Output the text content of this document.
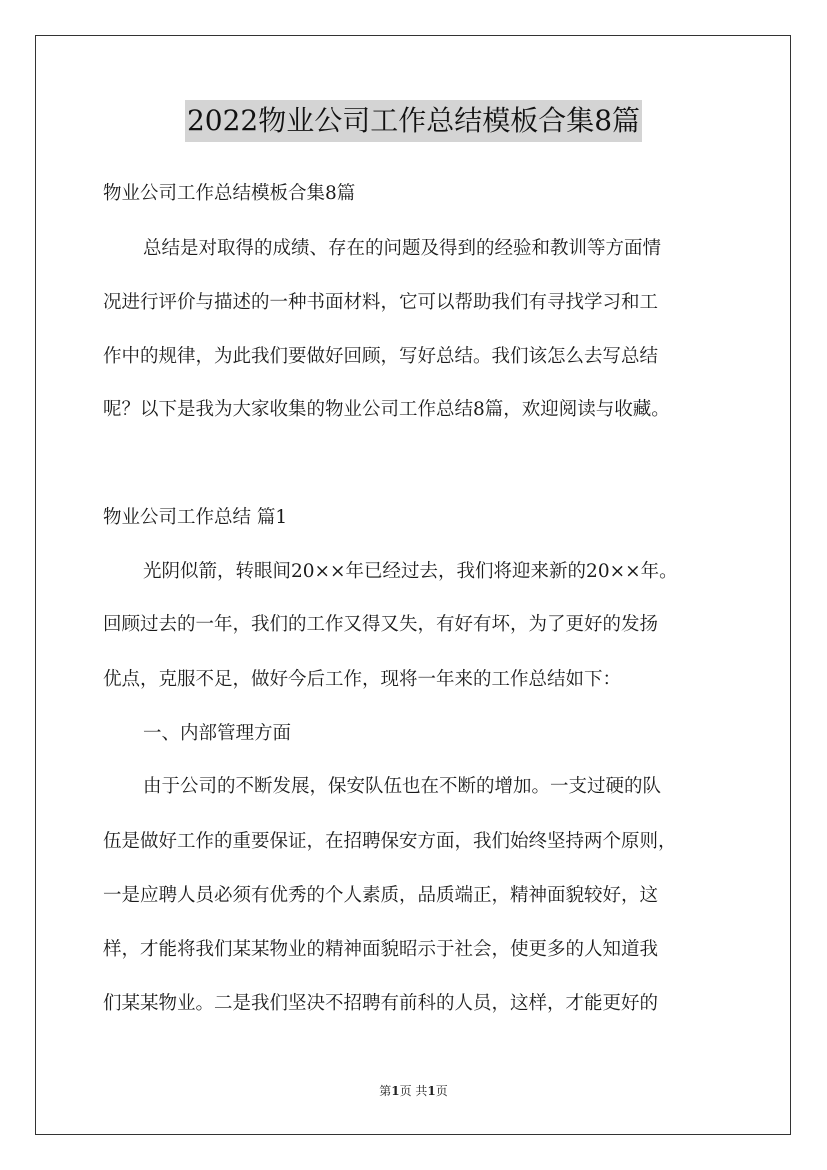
2022物业公司工作总结模板合集8篇
物业公司工作总结模板合集8篇
总结是对取得的成绩、存在的问题及得到的经验和教训等方面情
况进行评价与描述的一种书面材料，它可以帮助我们有寻找学习和工
作中的规律，为此我们要做好回顾，写好总结。我们该怎么去写总结
呢？以下是我为大家收集的物业公司工作总结8篇，欢迎阅读与收藏。
物业公司工作总结 篇1
光阴似箭，转眼间20××年已经过去，我们将迎来新的20××年。
回顾过去的一年，我们的工作又得又失，有好有坏，为了更好的发扬
优点，克服不足，做好今后工作，现将一年来的工作总结如下：
一、内部管理方面
由于公司的不断发展，保安队伍也在不断的增加。一支过硬的队
伍是做好工作的重要保证，在招聘保安方面，我们始终坚持两个原则，
一是应聘人员必须有优秀的个人素质，品质端正，精神面貌较好，这
样，才能将我们某某物业的精神面貌昭示于社会，使更多的人知道我
们某某物业。二是我们坚决不招聘有前科的人员，这样，才能更好的
第1页 共1页
